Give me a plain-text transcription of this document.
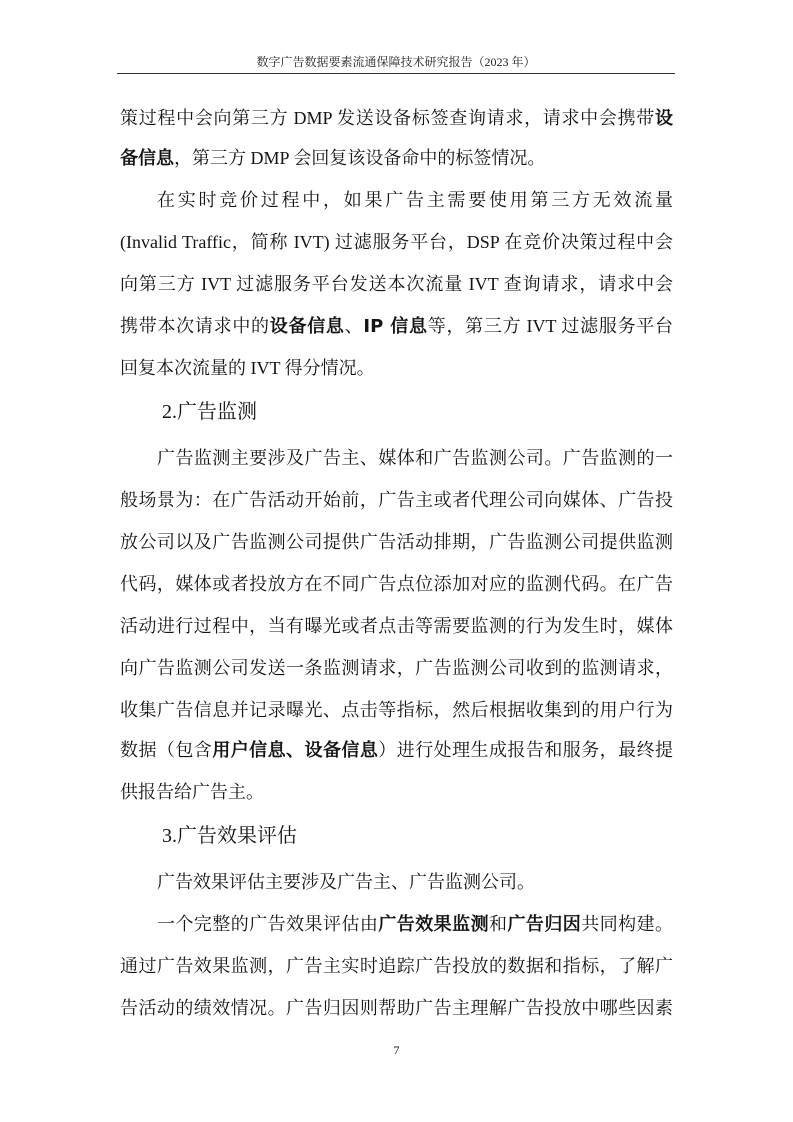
数字广告数据要素流通保障技术研究报告（2023 年）
策过程中会向第三方 DMP 发送设备标签查询请求，请求中会携带设
备信息，第三方 DMP 会回复该设备命中的标签情况。
在实时竞价过程中，如果广告主需要使用第三方无效流量
(Invalid Traffic，简称 IVT) 过滤服务平台，DSP 在竞价决策过程中会
向第三方 IVT 过滤服务平台发送本次流量 IVT 查询请求，请求中会
携带本次请求中的设备信息、IP 信息等，第三方 IVT 过滤服务平台
回复本次流量的 IVT 得分情况。
2.广告监测
广告监测主要涉及广告主、媒体和广告监测公司。广告监测的一
般场景为：在广告活动开始前，广告主或者代理公司向媒体、广告投
放公司以及广告监测公司提供广告活动排期，广告监测公司提供监测
代码，媒体或者投放方在不同广告点位添加对应的监测代码。在广告
活动进行过程中，当有曝光或者点击等需要监测的行为发生时，媒体
向广告监测公司发送一条监测请求，广告监测公司收到的监测请求，
收集广告信息并记录曝光、点击等指标，然后根据收集到的用户行为
数据（包含用户信息、设备信息）进行处理生成报告和服务，最终提
供报告给广告主。
3.广告效果评估
广告效果评估主要涉及广告主、广告监测公司。
一个完整的广告效果评估由广告效果监测和广告归因共同构建。
通过广告效果监测，广告主实时追踪广告投放的数据和指标，了解广
告活动的绩效情况。广告归因则帮助广告主理解广告投放中哪些因素
7
